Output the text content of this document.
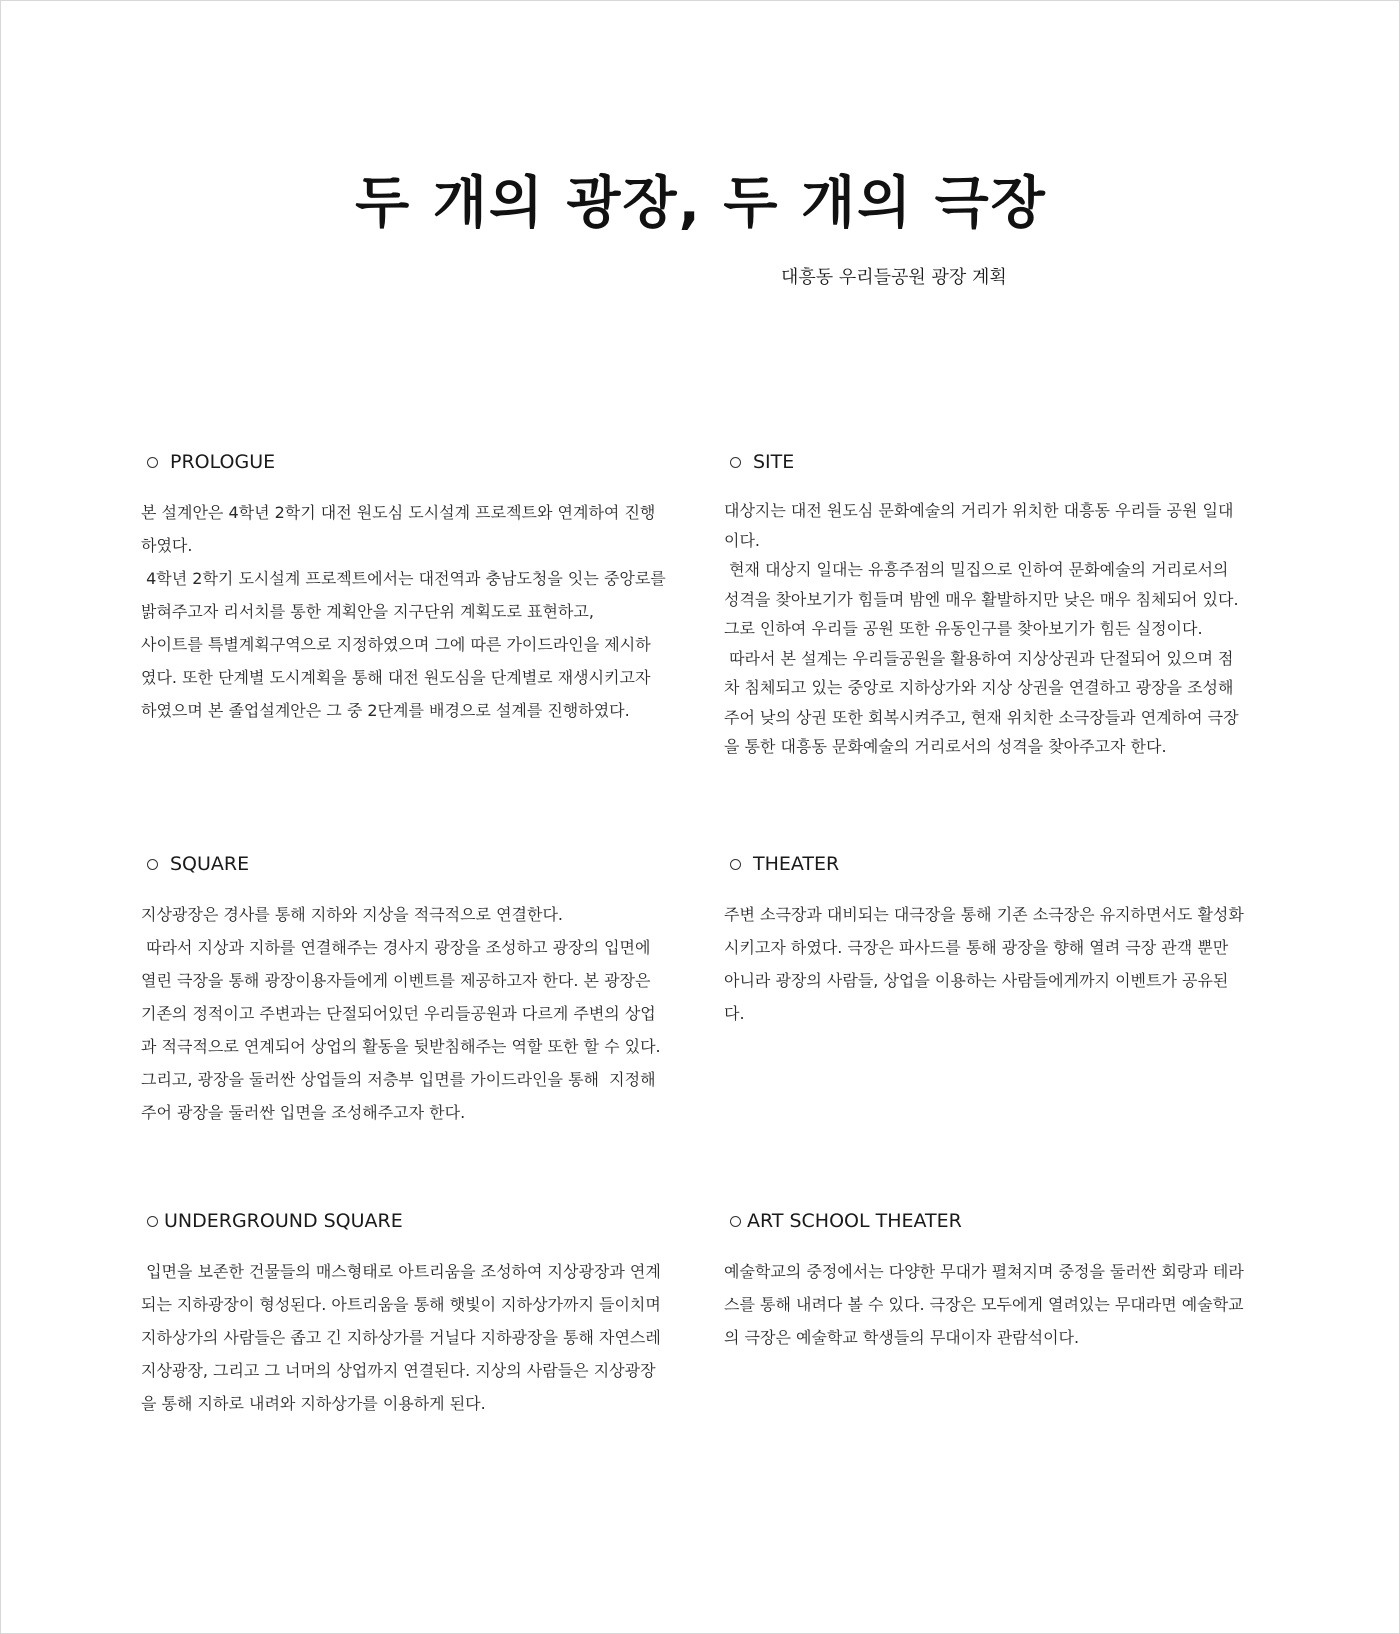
두 개의 광장, 두 개의 극장

대흥동 우리들공원 광장 계획

PROLOGUE

본 설계안은 4학년 2학기 대전 원도심 도시설계 프로젝트와 연계하여 진행

하였다.

4학년 2학기 도시설계 프로젝트에서는 대전역과 충남도청을 잇는 중앙로를

밝혀주고자 리서치를 통한 계획안을 지구단위 계획도로 표현하고,

사이트를 특별계획구역으로 지정하였으며 그에 따른 가이드라인을 제시하

였다. 또한 단계별 도시계획을 통해 대전 원도심을 단계별로 재생시키고자

하였으며 본 졸업설계안은 그 중 2단계를 배경으로 설계를 진행하였다.

SITE

대상지는 대전 원도심 문화예술의 거리가 위치한 대흥동 우리들 공원 일대

이다.

현재 대상지 일대는 유흥주점의 밀집으로 인하여 문화예술의 거리로서의

성격을 찾아보기가 힘들며 밤엔 매우 활발하지만 낮은 매우 침체되어 있다.

그로 인하여 우리들 공원 또한 유동인구를 찾아보기가 힘든 실정이다.

따라서 본 설계는 우리들공원을 활용하여 지상상권과 단절되어 있으며 점

차 침체되고 있는 중앙로 지하상가와 지상 상권을 연결하고 광장을 조성해

주어 낮의 상권 또한 회복시켜주고, 현재 위치한 소극장들과 연계하여 극장

을 통한 대흥동 문화예술의 거리로서의 성격을 찾아주고자 한다.

SQUARE

지상광장은 경사를 통해 지하와 지상을 적극적으로 연결한다.

따라서 지상과 지하를 연결해주는 경사지 광장을 조성하고 광장의 입면에

열린 극장을 통해 광장이용자들에게 이벤트를 제공하고자 한다. 본 광장은

기존의 정적이고 주변과는 단절되어있던 우리들공원과 다르게 주변의 상업

과 적극적으로 연계되어 상업의 활동을 뒷받침해주는 역할 또한 할 수 있다.

그리고, 광장을 둘러싼 상업들의 저층부 입면를 가이드라인을 통해  지정해

주어 광장을 둘러싼 입면을 조성해주고자 한다.

THEATER

주변 소극장과 대비되는 대극장을 통해 기존 소극장은 유지하면서도 활성화

시키고자 하였다. 극장은 파사드를 통해 광장을 향해 열려 극장 관객 뿐만

아니라 광장의 사람들, 상업을 이용하는 사람들에게까지 이벤트가 공유된

다.

UNDERGROUND SQUARE

입면을 보존한 건물들의 매스형태로 아트리움을 조성하여 지상광장과 연계

되는 지하광장이 형성된다. 아트리움을 통해 햇빛이 지하상가까지 들이치며

지하상가의 사람들은 좁고 긴 지하상가를 거닐다 지하광장을 통해 자연스레

지상광장, 그리고 그 너머의 상업까지 연결된다. 지상의 사람들은 지상광장

을 통해 지하로 내려와 지하상가를 이용하게 된다.

ART SCHOOL THEATER

예술학교의 중정에서는 다양한 무대가 펼쳐지며 중정을 둘러싼 회랑과 테라

스를 통해 내려다 볼 수 있다. 극장은 모두에게 열려있는 무대라면 예술학교

의 극장은 예술학교 학생들의 무대이자 관람석이다.
